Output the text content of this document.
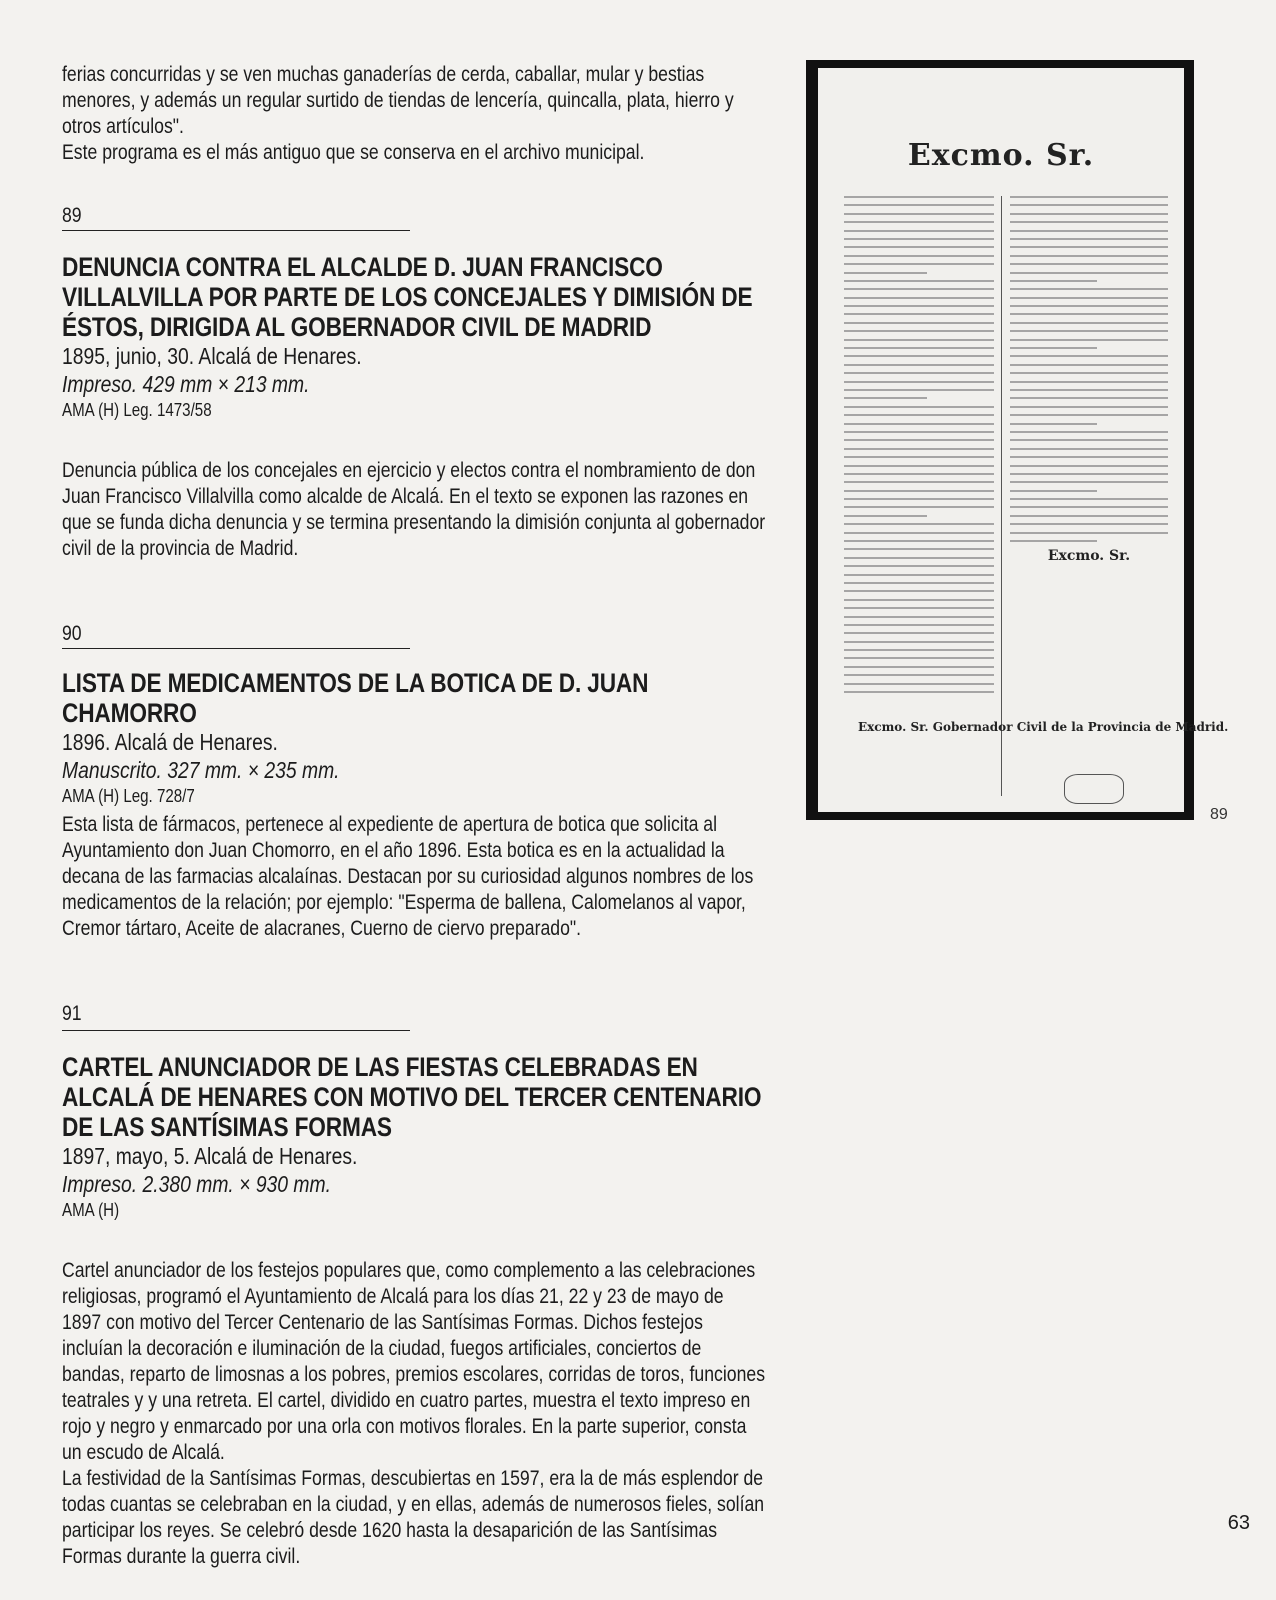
ferias concurridas y se ven muchas ganaderías de cerda, caballar, mular y bestias menores, y además un regular surtido de tiendas de lencería, quincalla, plata, hierro y otros artículos".

Este programa es el más antiguo que se conserva en el archivo municipal.

89
DENUNCIA CONTRA EL ALCALDE D. JUAN FRANCISCO VILLALVILLA POR PARTE DE LOS CONCEJALES Y DIMISIÓN DE ÉSTOS, DIRIGIDA AL GOBERNADOR CIVIL DE MADRID
1895, junio, 30. Alcalá de Henares.
Impreso. 429 mm × 213 mm.
AMA (H) Leg. 1473/58
Denuncia pública de los concejales en ejercicio y electos contra el nombramiento de don Juan Francisco Villalvilla como alcalde de Alcalá. En el texto se exponen las razones en que se funda dicha denuncia y se termina presentando la dimisión conjunta al gobernador civil de la provincia de Madrid.
90
LISTA DE MEDICAMENTOS DE LA BOTICA DE D. JUAN CHAMORRO
1896. Alcalá de Henares.
Manuscrito. 327 mm. × 235 mm.
AMA (H) Leg. 728/7
Esta lista de fármacos, pertenece al expediente de apertura de botica que solicita al Ayuntamiento don Juan Chomorro, en el año 1896. Esta botica es en la actualidad la decana de las farmacias alcalaínas. Destacan por su curiosidad algunos nombres de los medicamentos de la relación; por ejemplo: "Esperma de ballena, Calomelanos al vapor, Cremor tártaro, Aceite de alacranes, Cuerno de ciervo preparado".
91
CARTEL ANUNCIADOR DE LAS FIESTAS CELEBRADAS EN ALCALÁ DE HENARES CON MOTIVO DEL TERCER CENTENARIO DE LAS SANTÍSIMAS FORMAS
1897, mayo, 5. Alcalá de Henares.
Impreso. 2.380 mm. × 930 mm.
AMA (H)

Cartel anunciador de los festejos populares que, como complemento a las celebraciones religiosas, programó el Ayuntamiento de Alcalá para los días 21, 22 y 23 de mayo de 1897 con motivo del Tercer Centenario de las Santísimas Formas. Dichos festejos incluían la decoración e iluminación de la ciudad, fuegos artificiales, conciertos de bandas, reparto de limosnas a los pobres, premios escolares, corridas de toros, funciones teatrales y y una retreta. El cartel, dividido en cuatro partes, muestra el texto impreso en rojo y negro y enmarcado por una orla con motivos florales. En la parte superior, consta un escudo de Alcalá.

La festividad de la Santísimas Formas, descubiertas en 1597, era la de más esplendor de todas cuantas se celebraban en la ciudad, y en ellas, además de numerosos fieles, solían participar los reyes. Se celebró desde 1620 hasta la desaparición de las Santísimas Formas durante la guerra civil.

Excmo. Sr.
Excmo. Sr.
Excmo. Sr. Gobernador Civil de la Provincia de Madrid.
89
63
